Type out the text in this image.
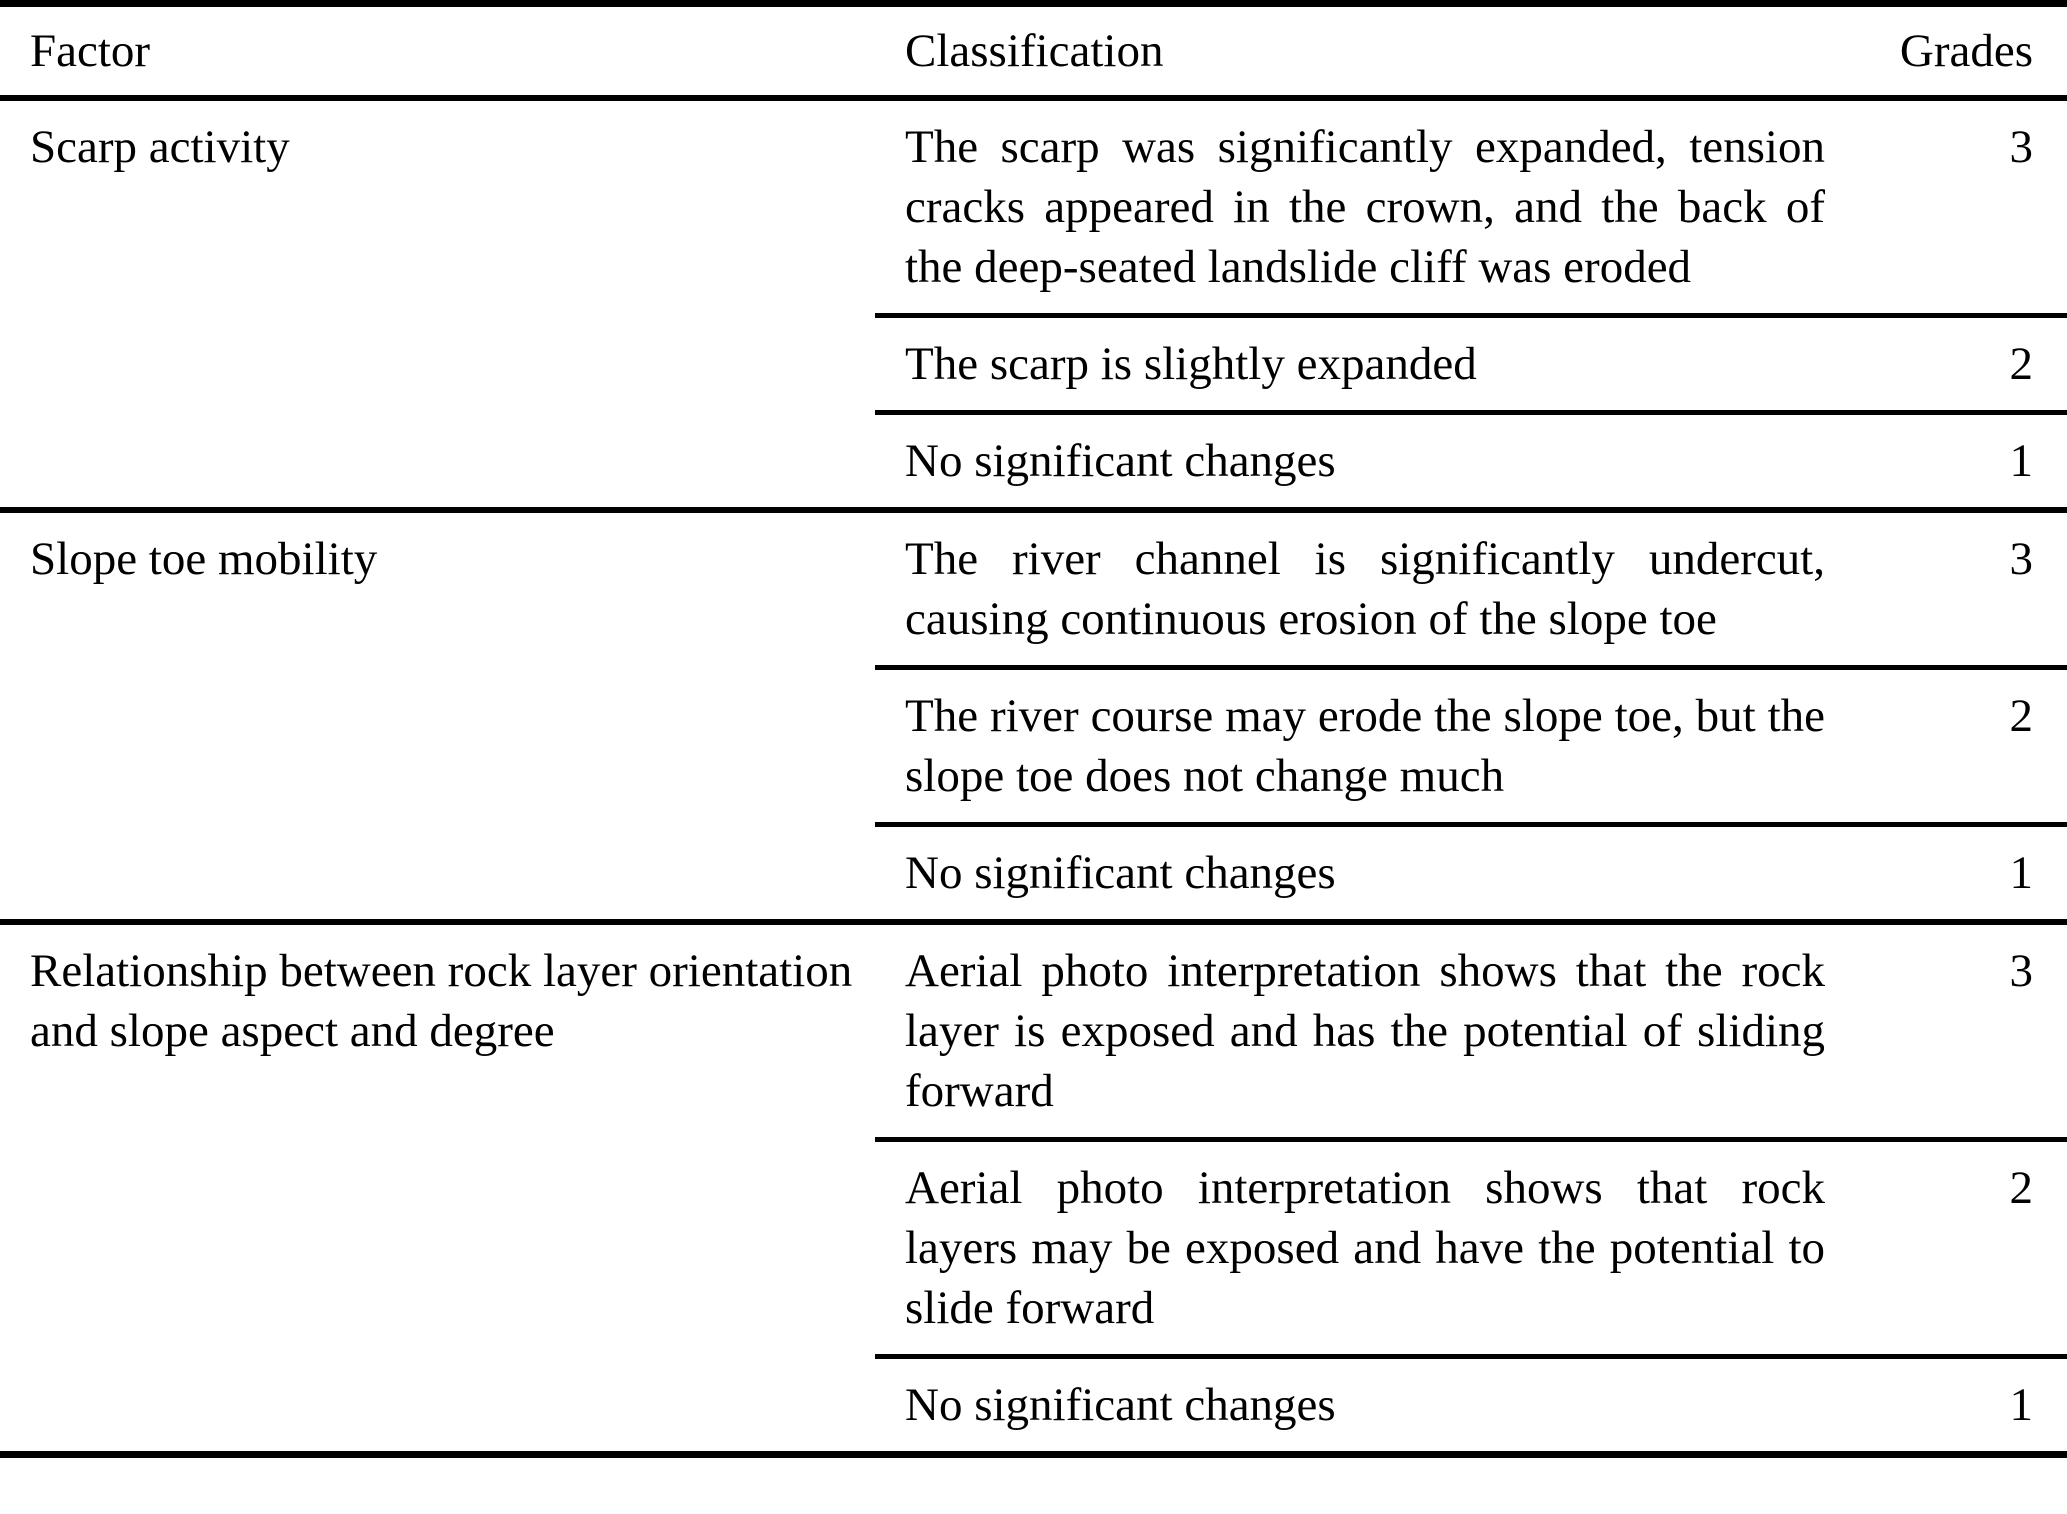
Factor	Classification	Grades
Scarp activity	The scarp was significantly expanded, tension cracks appeared in the crown, and the back of the deep-seated landslide cliff was eroded	3
	The scarp is slightly expanded	2
	No significant changes	1
Slope toe mobility	The river channel is significantly undercut, causing continuous erosion of the slope toe	3
	The river course may erode the slope toe, but the slope toe does not change much	2
	No significant changes	1
Relationship between rock layer orientation and slope aspect and degree	Aerial photo interpretation shows that the rock layer is exposed and has the potential of sliding forward	3
	Aerial photo interpretation shows that rock layers may be exposed and have the potential to slide forward	2
	No significant changes	1
